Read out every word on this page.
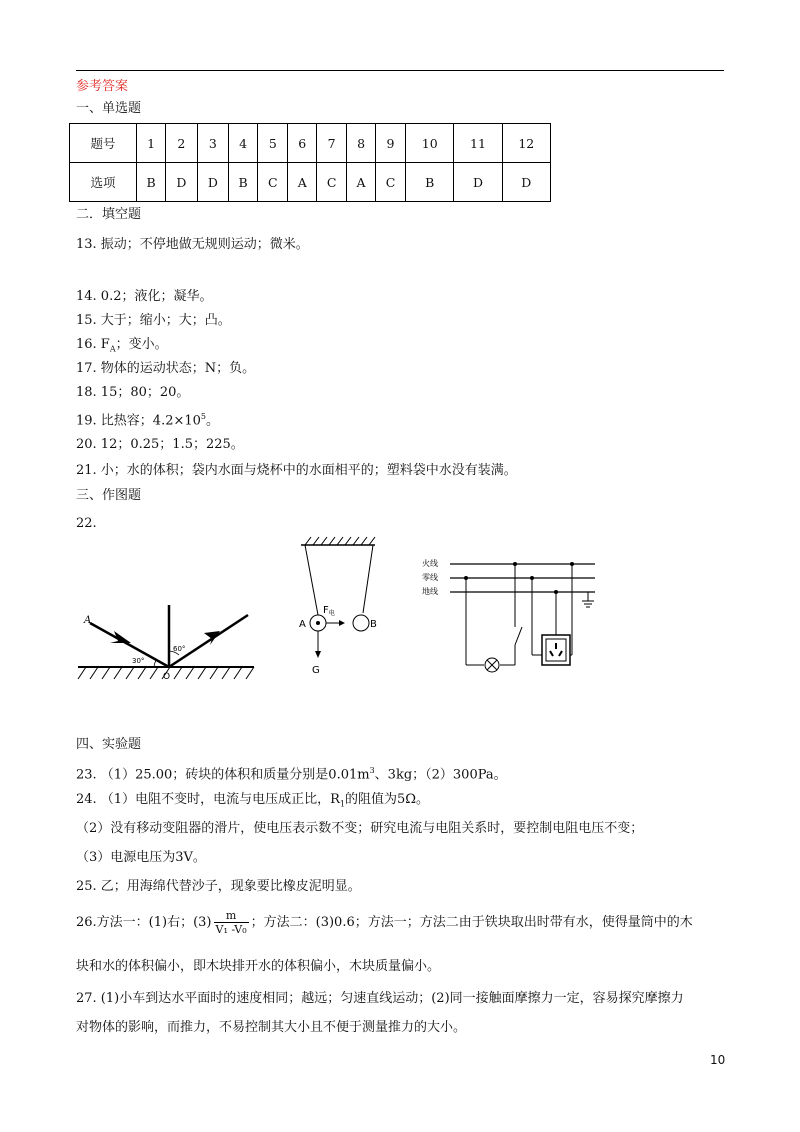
参考答案
一、单选题
题号	1	2	3	4	5	6	7	8	9	10	11	12
选项	B	D	D	B	C	A	C	A	C	B	D	D
二．填空题
13. 振动；不停地做无规则运动；微米。
14. 0.2；液化；凝华。
15. 大于；缩小；大；凸。
16. $F_A$；变小。
17. 物体的运动状态；N；负。
18. 15；80；20。
19. 比热容；$4.2\times 10^5$。
20. 12；0.25；1.5；225。
21. 小；水的体积；袋内水面与烧杯中的水面相平的；塑料袋中水没有装满。
三、作图题
22.
A
30°
60°
O
A	B
$F_电$
G
火线
零线
地线
四、实验题
23. （1）25.00；砖块的体积和质量分别是$0.01m^3$、3kg；（2）300Pa。
24. （1）电阻不变时，电流与电压成正比，$R_1$的阻值为5Ω。
（2）没有移动变阻器的滑片，使电压表示数不变；研究电流与电阻关系时，要控制电阻电压不变；
（3）电源电压为3V。
25. 乙；用海绵代替沙子，现象要比橡皮泥明显。
26.方法一：(1)右；$(3) \frac{m}{\text{V₁ -V₀}}$ ；方法二：(3)0.6；方法一；方法二由于铁块取出时带有水，使得量筒中的木
块和水的体积偏小，即木块排开水的体积偏小，木块质量偏小。
27. (1)小车到达水平面时的速度相同；越远；匀速直线运动；(2)同一接触面摩擦力一定，容易探究摩擦力
对物体的影响，而推力，不易控制其大小且不便于测量推力的大小。
10
